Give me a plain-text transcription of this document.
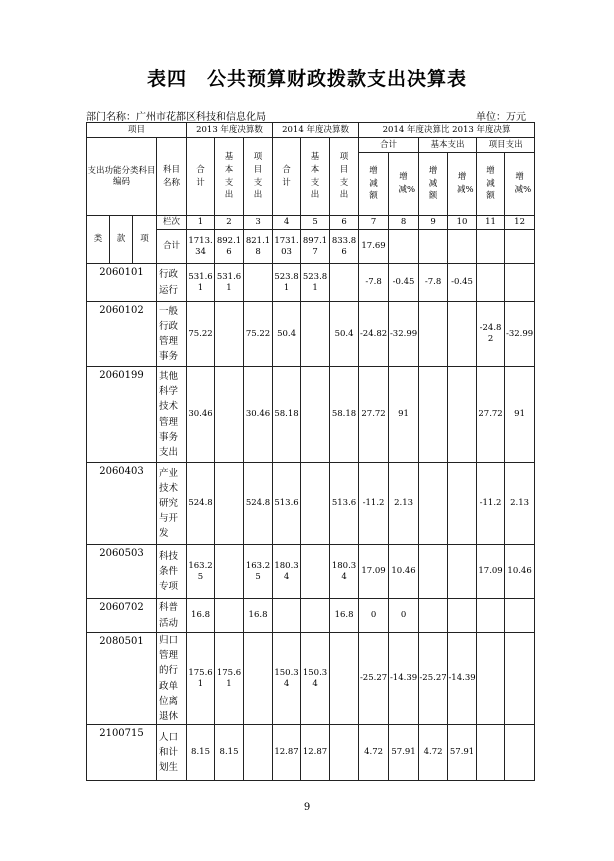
表四　公共预算财政拨款支出决算表
部门名称：广州市花都区科技和信息化局	单位：万元
项目				2013 年度决算数			2014 年度决算数			2014 年度决算比 2013 年度决算					
支出功能分类科目编码			科目名称	合计	基本支出	项目支出	合计	基本支出	项目支出	合计		基本支出		项目支出	
										增减额	增减%	增减额	增减%	增减额	增减%
类	款	项	栏次	1	2	3	4	5	6	7	8	9	10	11	12
			合计	1713.34	892.16	821.18	1731.03	897.17	833.86	17.69					
2060101			行政运行	531.61	531.61		523.81	523.81		-7.8	-0.45	-7.8	-0.45		
2060102			一般行政管理事务	75.22		75.22	50.4		50.4	-24.82	-32.99			-24.82	-32.99
2060199			其他科学技术管理事务支出	30.46		30.46	58.18		58.18	27.72	91			27.72	91
2060403			产业技术研究与开发	524.8		524.8	513.6		513.6	-11.2	2.13			-11.2	2.13
2060503			科技条件专项	163.25		163.25	180.34		180.34	17.09	10.46			17.09	10.46
2060702			科普活动	16.8		16.8			16.8	0	0				
2080501			归口管理的行政单位离退休	175.61	175.61		150.34	150.34		-25.27	-14.39	-25.27	-14.39		
2100715			人口和计划生	8.15	8.15		12.87	12.87		4.72	57.91	4.72	57.91		
9
